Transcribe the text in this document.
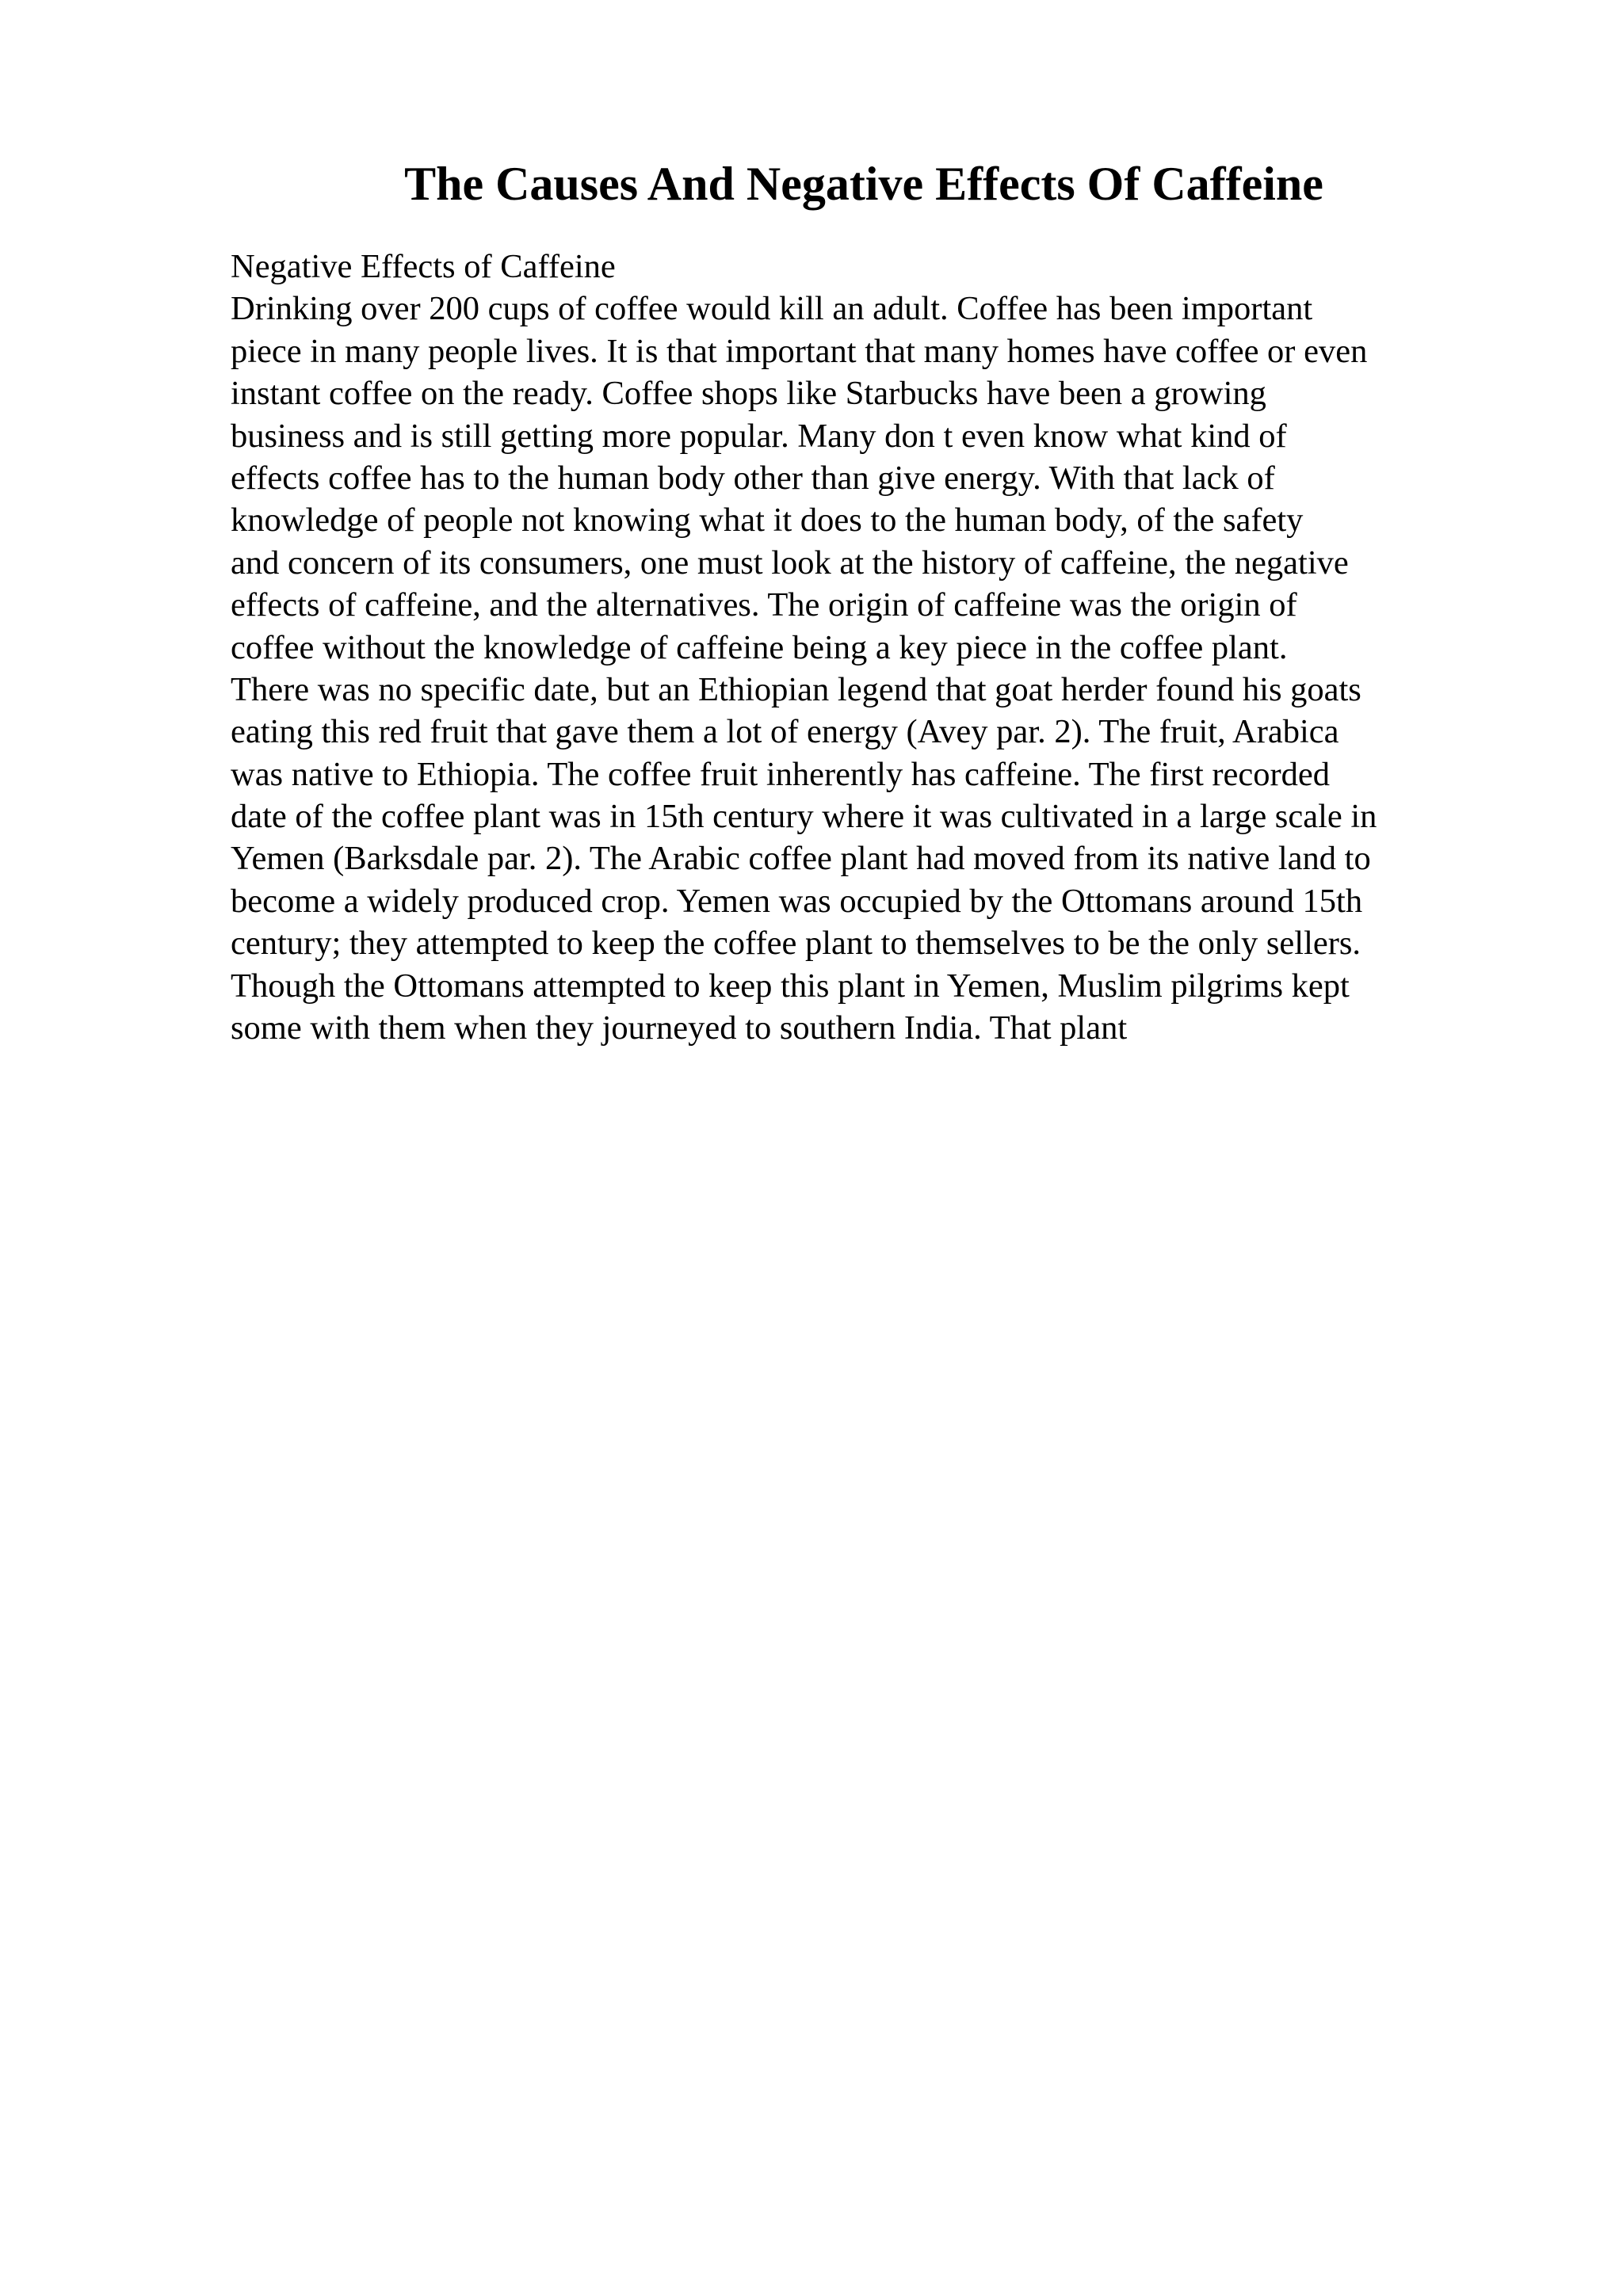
The Causes And Negative Effects Of Caffeine
Negative Effects of Caffeine
Drinking over 200 cups of coffee would kill an adult. Coffee has been important
piece in many people lives. It is that important that many homes have coffee or even
instant coffee on the ready. Coffee shops like Starbucks have been a growing
business and is still getting more popular. Many don t even know what kind of
effects coffee has to the human body other than give energy. With that lack of
knowledge of people not knowing what it does to the human body, of the safety
and concern of its consumers, one must look at the history of caffeine, the negative
effects of caffeine, and the alternatives. The origin of caffeine was the origin of
coffee without the knowledge of caffeine being a key piece in the coffee plant.
There was no specific date, but an Ethiopian legend that goat herder found his goats
eating this red fruit that gave them a lot of energy (Avey par. 2). The fruit, Arabica
was native to Ethiopia. The coffee fruit inherently has caffeine. The first recorded
date of the coffee plant was in 15th century where it was cultivated in a large scale in
Yemen (Barksdale par. 2). The Arabic coffee plant had moved from its native land to
become a widely produced crop. Yemen was occupied by the Ottomans around 15th
century; they attempted to keep the coffee plant to themselves to be the only sellers.
Though the Ottomans attempted to keep this plant in Yemen, Muslim pilgrims kept
some with them when they journeyed to southern India. That plant
